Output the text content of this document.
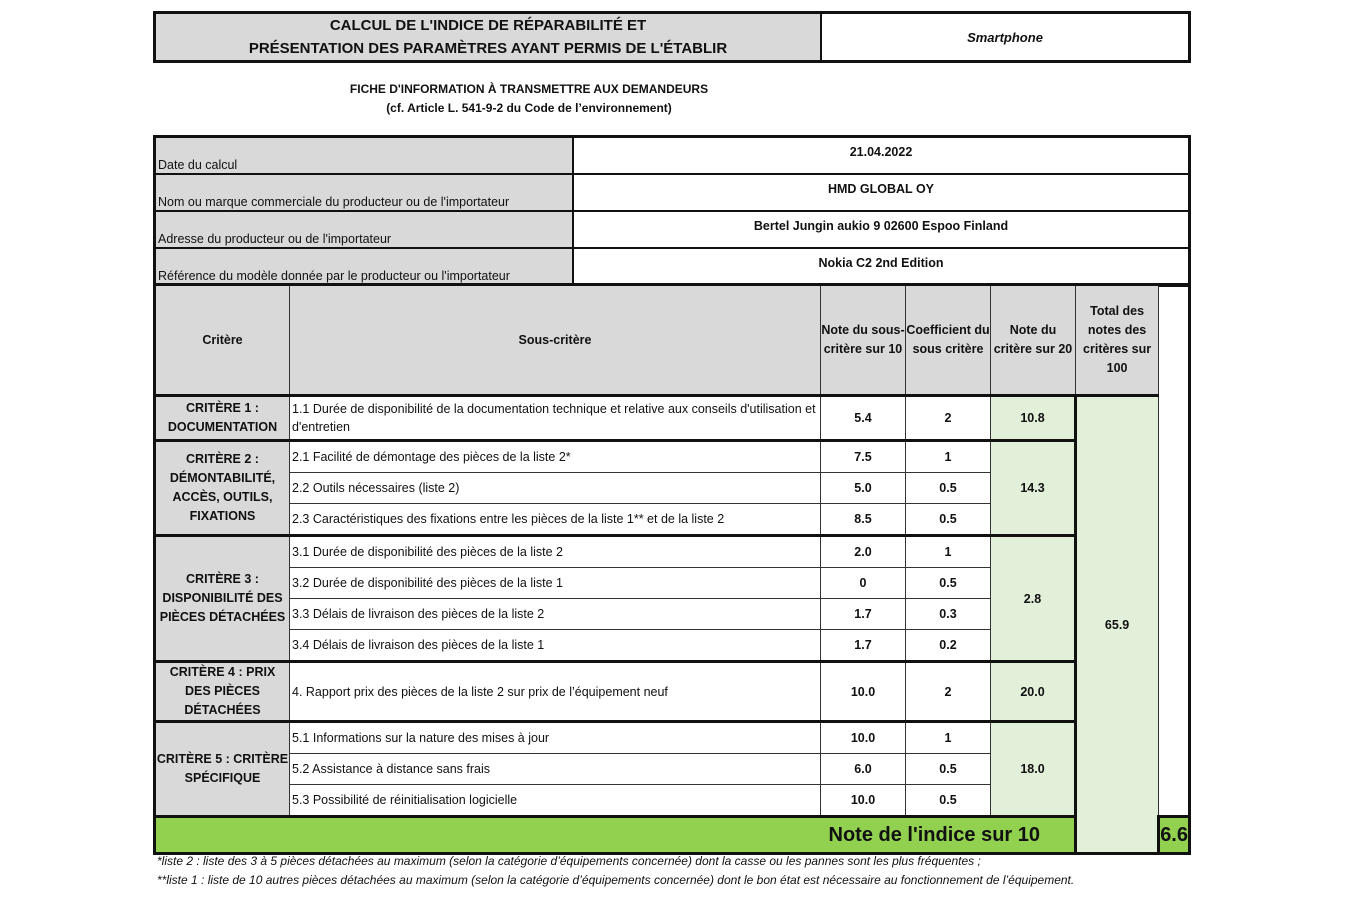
CALCUL DE L'INDICE DE RÉPARABILITÉ ET
PRÉSENTATION DES PARAMÈTRES AYANT PERMIS DE L'ÉTABLIR	Smartphone
FICHE D'INFORMATION À TRANSMETTRE AUX DEMANDEURS
(cf. Article L. 541-9-2 du Code de l’environnement)
Date du calcul	21.04.2022
Nom ou marque commerciale du producteur ou de l'importateur	HMD GLOBAL OY
Adresse du producteur ou de l'importateur	Bertel Jungin aukio 9 02600 Espoo Finland
Référence du modèle donnée par le producteur ou l'importateur	Nokia C2 2nd Edition
Critère	Sous-critère	Note du sous-critère sur 10	Coefficient du sous critère	Note du critère sur 20	Total des notes des critères sur 100	
CRITÈRE 1 : DOCUMENTATION	1.1 Durée de disponibilité de la documentation technique et relative aux conseils d'utilisation et d'entretien	5.4	2	10.8	65.9	
CRITÈRE 2 : DÉMONTABILITÉ, ACCÈS, OUTILS, FIXATIONS	2.1 Facilité de démontage des pièces de la liste 2*	7.5	1	14.3		
	2.2 Outils nécessaires (liste 2)	5.0	0.5			
	2.3 Caractéristiques des fixations entre les pièces de la liste 1** et de la liste 2	8.5	0.5			
CRITÈRE 3 : DISPONIBILITÉ DES PIÈCES DÉTACHÉES	3.1 Durée de disponibilité des pièces de la liste 2	2.0	1	2.8		
	3.2 Durée de disponibilité des pièces de la liste 1	0	0.5			
	3.3 Délais de livraison des pièces de la liste 2	1.7	0.3			
	3.4 Délais de livraison des pièces de la liste 1	1.7	0.2			
CRITÈRE 4 : PRIX DES PIÈCES DÉTACHÉES	4. Rapport prix des pièces de la liste 2 sur prix de l’équipement neuf	10.0	2	20.0		
CRITÈRE 5 : CRITÈRE SPÉCIFIQUE	5.1 Informations sur la nature des mises à jour	10.0	1	18.0		
	5.2 Assistance à distance sans frais	6.0	0.5			
	5.3 Possibilité de réinitialisation logicielle	10.0	0.5			
Note de l'indice sur 10						6.6
*liste 2 : liste des 3 à 5 pièces détachées au maximum (selon la catégorie d’équipements concernée) dont la casse ou les pannes sont les plus fréquentes ;
**liste 1 : liste de 10 autres pièces détachées au maximum (selon la catégorie d’équipements concernée) dont le bon état est nécessaire au fonctionnement de l’équipement.
